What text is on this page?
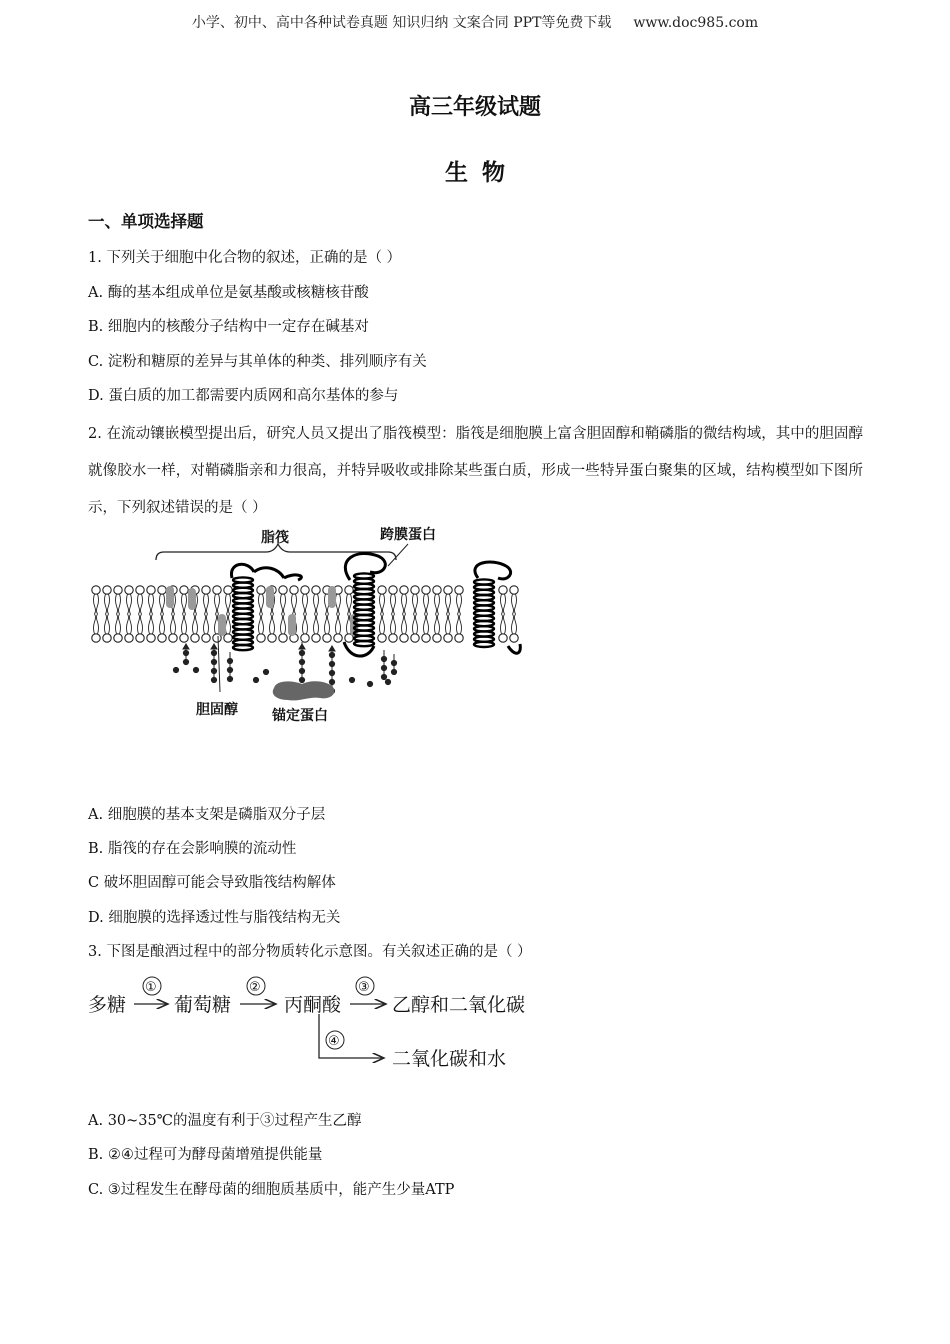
小学、初中、高中各种试卷真题 知识归纳 文案合同 PPT等免费下载 www.doc985.com
高三年级试题
生物
一、单项选择题
1. 下列关于细胞中化合物的叙述，正确的是（ ）
A. 酶的基本组成单位是氨基酸或核糖核苷酸
B. 细胞内的核酸分子结构中一定存在碱基对
C. 淀粉和糖原的差异与其单体的种类、排列顺序有关
D. 蛋白质的加工都需要内质网和高尔基体的参与
2. 在流动镶嵌模型提出后，研究人员又提出了脂筏模型：脂筏是细胞膜上富含胆固醇和鞘磷脂的微结构域，其中的胆固醇就像胶水一样，对鞘磷脂亲和力很高，并特异吸收或排除某些蛋白质，形成一些特异蛋白聚集的区域，结构模型如下图所示，下列叙述错误的是（ ）
脂筏	跨膜蛋白
胆固醇 锚定蛋白
A. 细胞膜的基本支架是磷脂双分子层
B. 脂筏的存在会影响膜的流动性
C 破坏胆固醇可能会导致脂筏结构解体
D. 细胞膜的选择透过性与脂筏结构无关
3. 下图是酿酒过程中的部分物质转化示意图。有关叙述正确的是（ ）
多糖
①
葡萄糖
②
丙酮酸
③
乙醇和二氧化碳
④
二氧化碳和水
A. 30~35℃的温度有利于③过程产生乙醇
B. ②④过程可为酵母菌增殖提供能量
C. ③过程发生在酵母菌的细胞质基质中，能产生少量ATP
